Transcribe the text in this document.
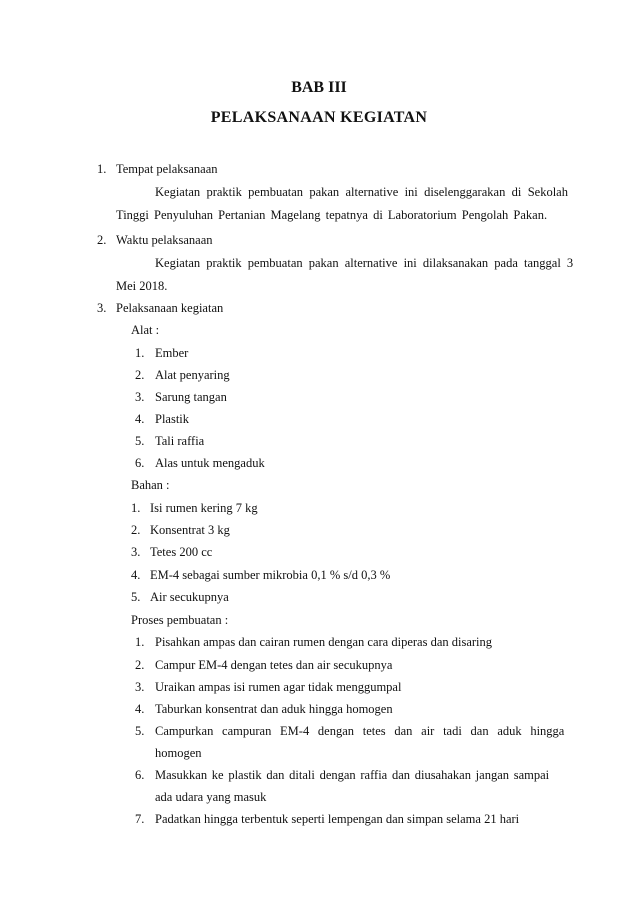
BAB III
PELAKSANAAN KEGIATAN
1. Tempat pelaksanaan
Kegiatan praktik pembuatan pakan alternative ini diselenggarakan di Sekolah
Tinggi Penyuluhan Pertanian Magelang tepatnya di Laboratorium Pengolah Pakan.
2. Waktu pelaksanaan
Kegiatan praktik pembuatan pakan alternative ini dilaksanakan pada tanggal 3
Mei 2018.
3. Pelaksanaan kegiatan
Alat :
1. Ember
2. Alat penyaring
3. Sarung tangan
4. Plastik
5. Tali raffia
6. Alas untuk mengaduk
Bahan :
1. Isi rumen kering 7 kg
2. Konsentrat 3 kg
3. Tetes 200 cc
4. EM-4 sebagai sumber mikrobia 0,1 % s/d 0,3 %
5. Air secukupnya
Proses pembuatan :
1. Pisahkan ampas dan cairan rumen dengan cara diperas dan disaring
2. Campur EM-4 dengan tetes dan air secukupnya
3. Uraikan ampas isi rumen agar tidak menggumpal
4. Taburkan konsentrat dan aduk hingga homogen
5. Campurkan campuran EM-4 dengan tetes dan air tadi dan aduk hingga
homogen
6. Masukkan ke plastik dan ditali dengan raffia dan diusahakan jangan sampai
ada udara yang masuk
7. Padatkan hingga terbentuk seperti lempengan dan simpan selama 21 hari
